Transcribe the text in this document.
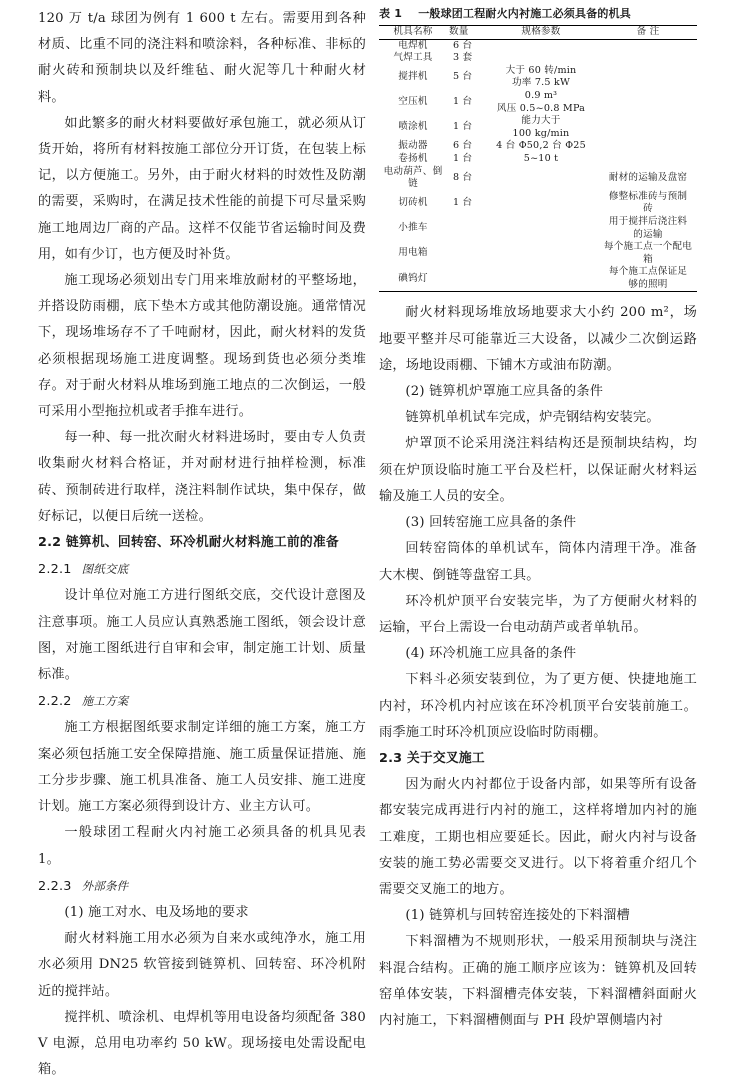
120 万 t/a 球团为例有 1 600 t 左右。需要用到各种材质、比重不同的浇注料和喷涂料，各种标准、非标的耐火砖和预制块以及纤维毡、耐火泥等几十种耐火材料。

如此繁多的耐火材料要做好承包施工，就必须从订货开始，将所有材料按施工部位分开订货，在包装上标记，以方便施工。另外，由于耐火材料的时效性及防潮的需要，采购时，在满足技术性能的前提下可尽量采购施工地周边厂商的产品。这样不仅能节省运输时间及费用，如有少订，也方便及时补货。

施工现场必须划出专门用来堆放耐材的平整场地，并搭设防雨棚，底下垫木方或其他防潮设施。通常情况下，现场堆场存不了千吨耐材，因此，耐火材料的发货必须根据现场施工进度调整。现场到货也必须分类堆存。对于耐火材料从堆场到施工地点的二次倒运，一般可采用小型拖拉机或者手推车进行。

每一种、每一批次耐火材料进场时，要由专人负责收集耐火材料合格证，并对耐材进行抽样检测，标准砖、预制砖进行取样，浇注料制作试块，集中保存，做好标记，以便日后统一送检。

2.2 链箅机、回转窑、环冷机耐火材料施工前的准备

2.2.1 图纸交底

设计单位对施工方进行图纸交底，交代设计意图及注意事项。施工人员应认真熟悉施工图纸，领会设计意图，对施工图纸进行自审和会审，制定施工计划、质量标准。

2.2.2 施工方案

施工方根据图纸要求制定详细的施工方案，施工方案必须包括施工安全保障措施、施工质量保证措施、施工分步步骤、施工机具准备、施工人员安排、施工进度计划。施工方案必须得到设计方、业主方认可。

一般球团工程耐火内衬施工必须具备的机具见表 1。

2.2.3 外部条件

(1) 施工对水、电及场地的要求

耐火材料施工用水必须为自来水或纯净水，施工用水必须用 DN25 软管接到链箅机、回转窑、环冷机附近的搅拌站。

搅拌机、喷涂机、电焊机等用电设备均须配备 380 V 电源，总用电功率约 50 kW。现场接电处需设配电箱。

表 1    一般球团工程耐火内衬施工必须具备的机具

机具名称	数量	规格参数	备 注
电焊机	6 台		
气焊工具	3 套		
搅拌机	5 台	大于 60 转/min
功率 7.5 kW	
空压机	1 台	0.9 m³
风压 0.5~0.8 MPa	
喷涂机	1 台	能力大于
100 kg/min	
振动器	6 台	4 台 Φ50,2 台 Φ25	
卷扬机	1 台	5~10 t	
电动葫芦、倒链	8 台		耐材的运输及盘窑
切砖机	1 台		修整标准砖与预制
砖
小推车			用于搅拌后浇注料
的运输
用电箱			每个施工点一个配电
箱
碘钨灯			每个施工点保证足
够的照明

耐火材料现场堆放场地要求大小约 200 m²，场地要平整并尽可能靠近三大设备，以减少二次倒运路途，场地设雨棚、下铺木方或油布防潮。

(2) 链箅机炉罩施工应具备的条件

链箅机单机试车完成，炉壳钢结构安装完。

炉罩顶不论采用浇注料结构还是预制块结构，均须在炉顶设临时施工平台及栏杆，以保证耐火材料运输及施工人员的安全。

(3) 回转窑施工应具备的条件

回转窑筒体的单机试车，筒体内清理干净。准备大木楔、倒链等盘窑工具。

环冷机炉顶平台安装完毕，为了方便耐火材料的运输，平台上需设一台电动葫芦或者单轨吊。

(4) 环冷机施工应具备的条件

下料斗必须安装到位，为了更方便、快捷地施工内衬，环冷机内衬应该在环冷机顶平台安装前施工。雨季施工时环冷机顶应设临时防雨棚。

2.3 关于交叉施工

因为耐火内衬都位于设备内部，如果等所有设备都安装完成再进行内衬的施工，这样将增加内衬的施工难度，工期也相应要延长。因此，耐火内衬与设备安装的施工势必需要交叉进行。以下将着重介绍几个需要交叉施工的地方。

(1) 链箅机与回转窑连接处的下料溜槽

下料溜槽为不规则形状，一般采用预制块与浇注料混合结构。正确的施工顺序应该为：链箅机及回转窑单体安装，下料溜槽壳体安装，下料溜槽斜面耐火内衬施工，下料溜槽侧面与 PH 段炉罩侧墙内衬
